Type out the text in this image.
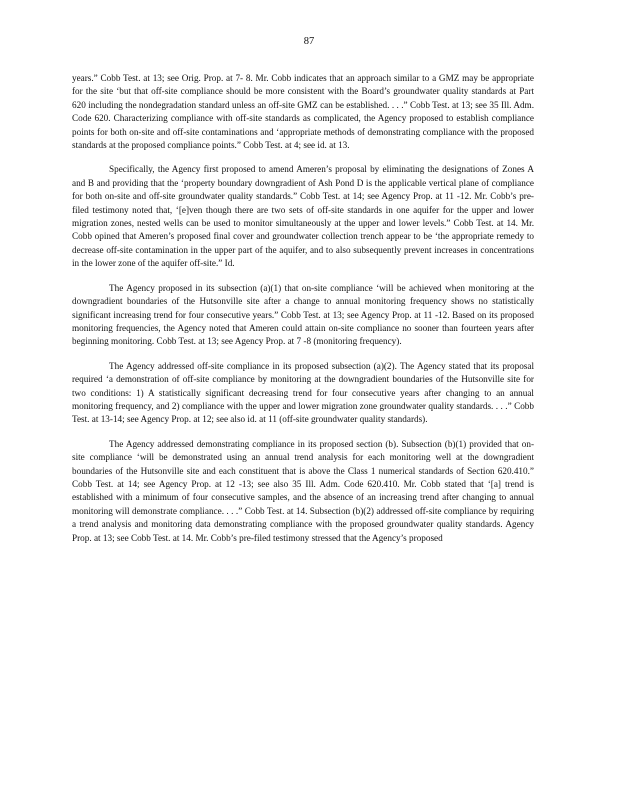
87

years.” Cobb Test. at 13; see Orig. Prop. at 7- 8. Mr. Cobb indicates that an approach similar to a GMZ may be appropriate for the site ‘but that off-site compliance should be more consistent with the Board’s groundwater quality standards at Part 620 including the nondegradation standard unless an off-site GMZ can be established. . . .” Cobb Test. at 13; see 35 Ill. Adm. Code 620. Characterizing compliance with off-site standards as complicated, the Agency proposed to establish compliance points for both on-site and off-site contaminations and ‘appropriate methods of demonstrating compliance with the proposed standards at the proposed compliance points.” Cobb Test. at 4; see id. at 13.

Specifically, the Agency first proposed to amend Ameren’s proposal by eliminating the designations of Zones A and B and providing that the ‘property boundary downgradient of Ash Pond D is the applicable vertical plane of compliance for both on-site and off-site groundwater quality standards.” Cobb Test. at 14; see Agency Prop. at 11 -12. Mr. Cobb’s pre-filed testimony noted that, ‘[e]ven though there are two sets of off-site standards in one aquifer for the upper and lower migration zones, nested wells can be used to monitor simultaneously at the upper and lower levels.” Cobb Test. at 14. Mr. Cobb opined that Ameren’s proposed final cover and groundwater collection trench appear to be ‘the appropriate remedy to decrease off-site contamination in the upper part of the aquifer, and to also subsequently prevent increases in concentrations in the lower zone of the aquifer off-site.” Id.

The Agency proposed in its subsection (a)(1) that on-site compliance ‘will be achieved when monitoring at the downgradient boundaries of the Hutsonville site after a change to annual monitoring frequency shows no statistically significant increasing trend for four consecutive years.” Cobb Test. at 13; see Agency Prop. at 11 -12. Based on its proposed monitoring frequencies, the Agency noted that Ameren could attain on-site compliance no sooner than fourteen years after beginning monitoring. Cobb Test. at 13; see Agency Prop. at 7 -8 (monitoring frequency).

The Agency addressed off-site compliance in its proposed subsection (a)(2). The Agency stated that its proposal required ‘a demonstration of off-site compliance by monitoring at the downgradient boundaries of the Hutsonville site for two conditions: 1) A statistically significant decreasing trend for four consecutive years after changing to an annual monitoring frequency, and 2) compliance with the upper and lower migration zone groundwater quality standards. . . .” Cobb Test. at 13-14; see Agency Prop. at 12; see also id. at 11 (off-site groundwater quality standards).

The Agency addressed demonstrating compliance in its proposed section (b). Subsection (b)(1) provided that on-site compliance ‘will be demonstrated using an annual trend analysis for each monitoring well at the downgradient boundaries of the Hutsonville site and each constituent that is above the Class 1 numerical standards of Section 620.410.” Cobb Test. at 14; see Agency Prop. at 12 -13; see also 35 Ill. Adm. Code 620.410. Mr. Cobb stated that ‘[a] trend is established with a minimum of four consecutive samples, and the absence of an increasing trend after changing to annual monitoring will demonstrate compliance. . . .” Cobb Test. at 14. Subsection (b)(2) addressed off-site compliance by requiring a trend analysis and monitoring data demonstrating compliance with the proposed groundwater quality standards. Agency Prop. at 13; see Cobb Test. at 14. Mr. Cobb’s pre-filed testimony stressed that the Agency’s proposed
